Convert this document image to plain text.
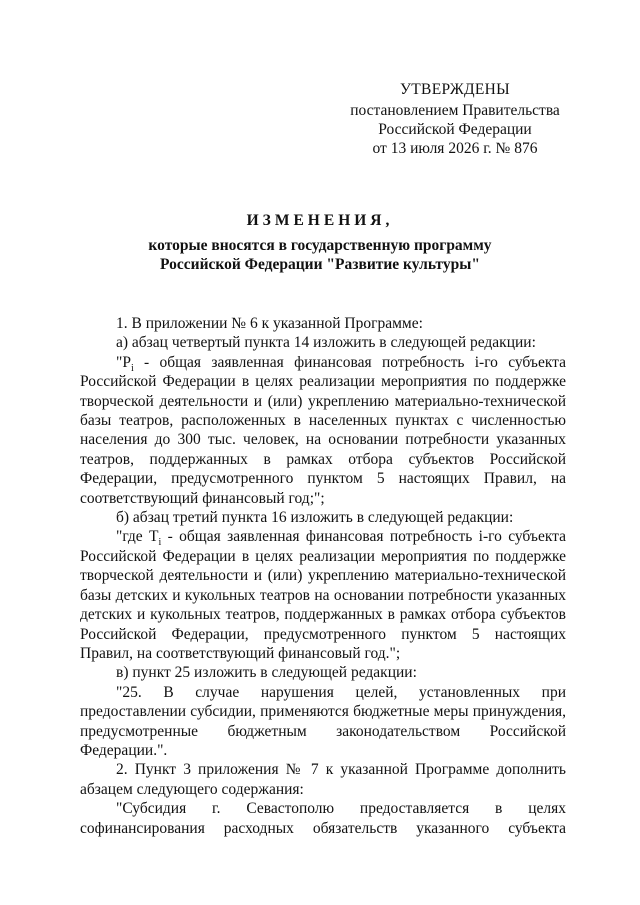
УТВЕРЖДЕНЫ
постановлением Правительства
Российской Федерации
от 13 июля 2026 г. № 876
ИЗМЕНЕНИЯ,
которые вносятся в государственную программу
Российской Федерации "Развитие культуры"

1. В приложении № 6 к указанной Программе:

а) абзац четвертый пункта 14 изложить в следующей редакции:

"$P_i$ - общая заявленная финансовая потребность i-го субъекта Российской Федерации в целях реализации мероприятия по поддержке творческой деятельности и (или) укреплению материально-технической базы театров, расположенных в населенных пунктах с численностью населения до 300 тыс. человек, на основании потребности указанных театров, поддержанных в рамках отбора субъектов Российской Федерации, предусмотренного пунктом 5 настоящих Правил, на соответствующий финансовый год;";

б) абзац третий пункта 16 изложить в следующей редакции:

"где $T_i$ - общая заявленная финансовая потребность i-го субъекта Российской Федерации в целях реализации мероприятия по поддержке творческой деятельности и (или) укреплению материально-технической базы детских и кукольных театров на основании потребности указанных детских и кукольных театров, поддержанных в рамках отбора субъектов Российской Федерации, предусмотренного пунктом 5 настоящих Правил, на соответствующий финансовый год.";

в) пункт 25 изложить в следующей редакции:

"25. В случае нарушения целей, установленных при предоставлении субсидии, применяются бюджетные меры принуждения, предусмотренные бюджетным законодательством Российской Федерации.".

2. Пункт 3 приложения № 7 к указанной Программе дополнить абзацем следующего содержания:

"Субсидия г. Севастополю предоставляется в целях софинансирования расходных обязательств указанного субъекта
